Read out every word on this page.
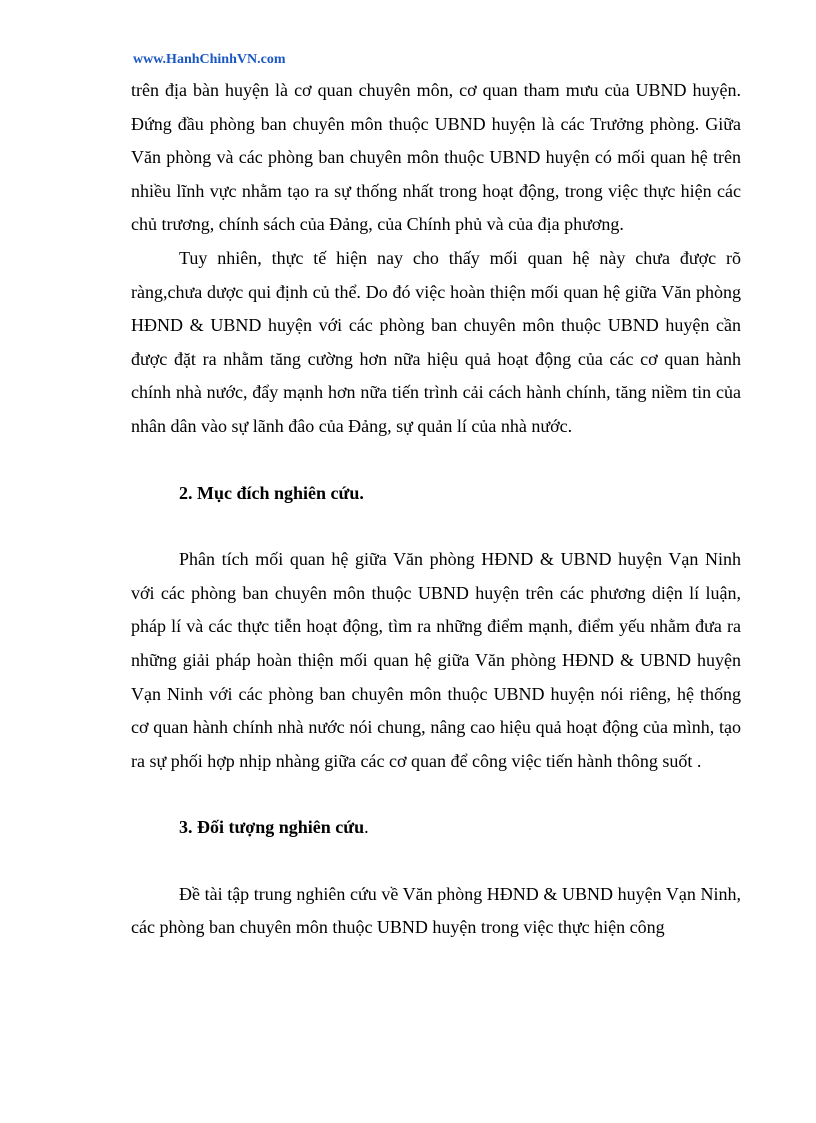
www.HanhChinhVN.com

trên địa bàn huyện là cơ quan chuyên môn, cơ quan tham mưu của UBND huyện. Đứng đầu phòng ban chuyên môn thuộc UBND huyện là các Trưởng phòng. Giữa Văn phòng và các phòng ban chuyên môn thuộc UBND huyện có mối quan hệ trên nhiều lĩnh vực nhằm tạo ra sự thống nhất trong hoạt động, trong việc thực hiện các chủ trương, chính sách của Đảng, của Chính phủ và của địa phương.

Tuy nhiên, thực tế hiện nay cho thấy mối quan hệ này chưa được rõ ràng,chưa dược qui định củ thể. Do đó việc hoàn thiện mối quan hệ giữa Văn phòng HĐND & UBND huyện với các phòng ban chuyên môn thuộc UBND huyện cần được đặt ra nhằm tăng cường hơn nữa hiệu quả hoạt động của các cơ quan hành chính nhà nước, đẩy mạnh hơn nữa tiến trình cải cách hành chính, tăng niềm tin của nhân dân vào sự lãnh đâo của Đảng, sự quản lí của nhà nước.

2. Mục đích nghiên cứu.

Phân tích mối quan hệ giữa Văn phòng HĐND & UBND huyện Vạn Ninh với các phòng ban chuyên môn thuộc UBND huyện trên các phương diện lí luận, pháp lí và các thực tiễn hoạt động, tìm ra những điểm mạnh, điểm yếu nhằm đưa ra những giải pháp hoàn thiện mối quan hệ giữa Văn phòng HĐND & UBND huyện Vạn Ninh với các phòng ban chuyên môn thuộc UBND huyện nói riêng, hệ thống cơ quan hành chính nhà nước nói chung, nâng cao hiệu quả hoạt động của mình, tạo ra sự phối hợp nhịp nhàng giữa các cơ quan để công việc tiến hành thông suốt .

3. Đối tượng nghiên cứu.

Đề tài tập trung nghiên cứu về Văn phòng HĐND & UBND huyện Vạn Ninh, các phòng ban chuyên môn thuộc UBND huyện trong việc thực hiện công
